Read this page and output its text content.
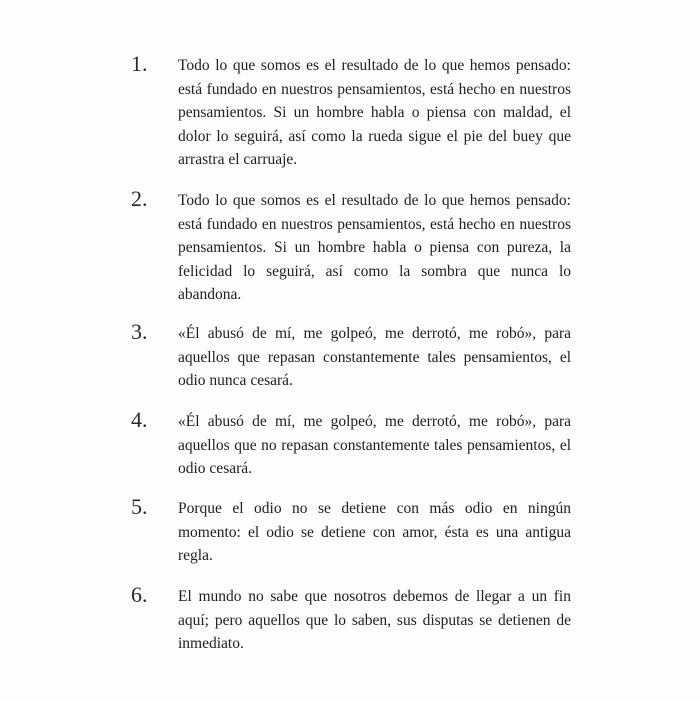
1. Todo lo que somos es el resultado de lo que hemos pensado: está fundado en nuestros pensamientos, está hecho en nuestros pensamientos. Si un hombre habla o piensa con maldad, el dolor lo seguirá, así como la rueda sigue el pie del buey que arrastra el carruaje.

2. Todo lo que somos es el resultado de lo que hemos pensado: está fundado en nuestros pensamientos, está hecho en nuestros pensamientos. Si un hombre habla o piensa con pureza, la felicidad lo seguirá, así como la sombra que nunca lo abandona.

3. «Él abusó de mí, me golpeó, me derrotó, me robó», para aquellos que repasan constantemente tales pensamientos, el odio nunca cesará.

4. «Él abusó de mí, me golpeó, me derrotó, me robó», para aquellos que no repasan constantemente tales pensamientos, el odio cesará.

5. Porque el odio no se detiene con más odio en ningún momento: el odio se detiene con amor, ésta es una antigua regla.

6. El mundo no sabe que nosotros debemos de llegar a un fin aquí; pero aquellos que lo saben, sus disputas se detienen de inmediato.
